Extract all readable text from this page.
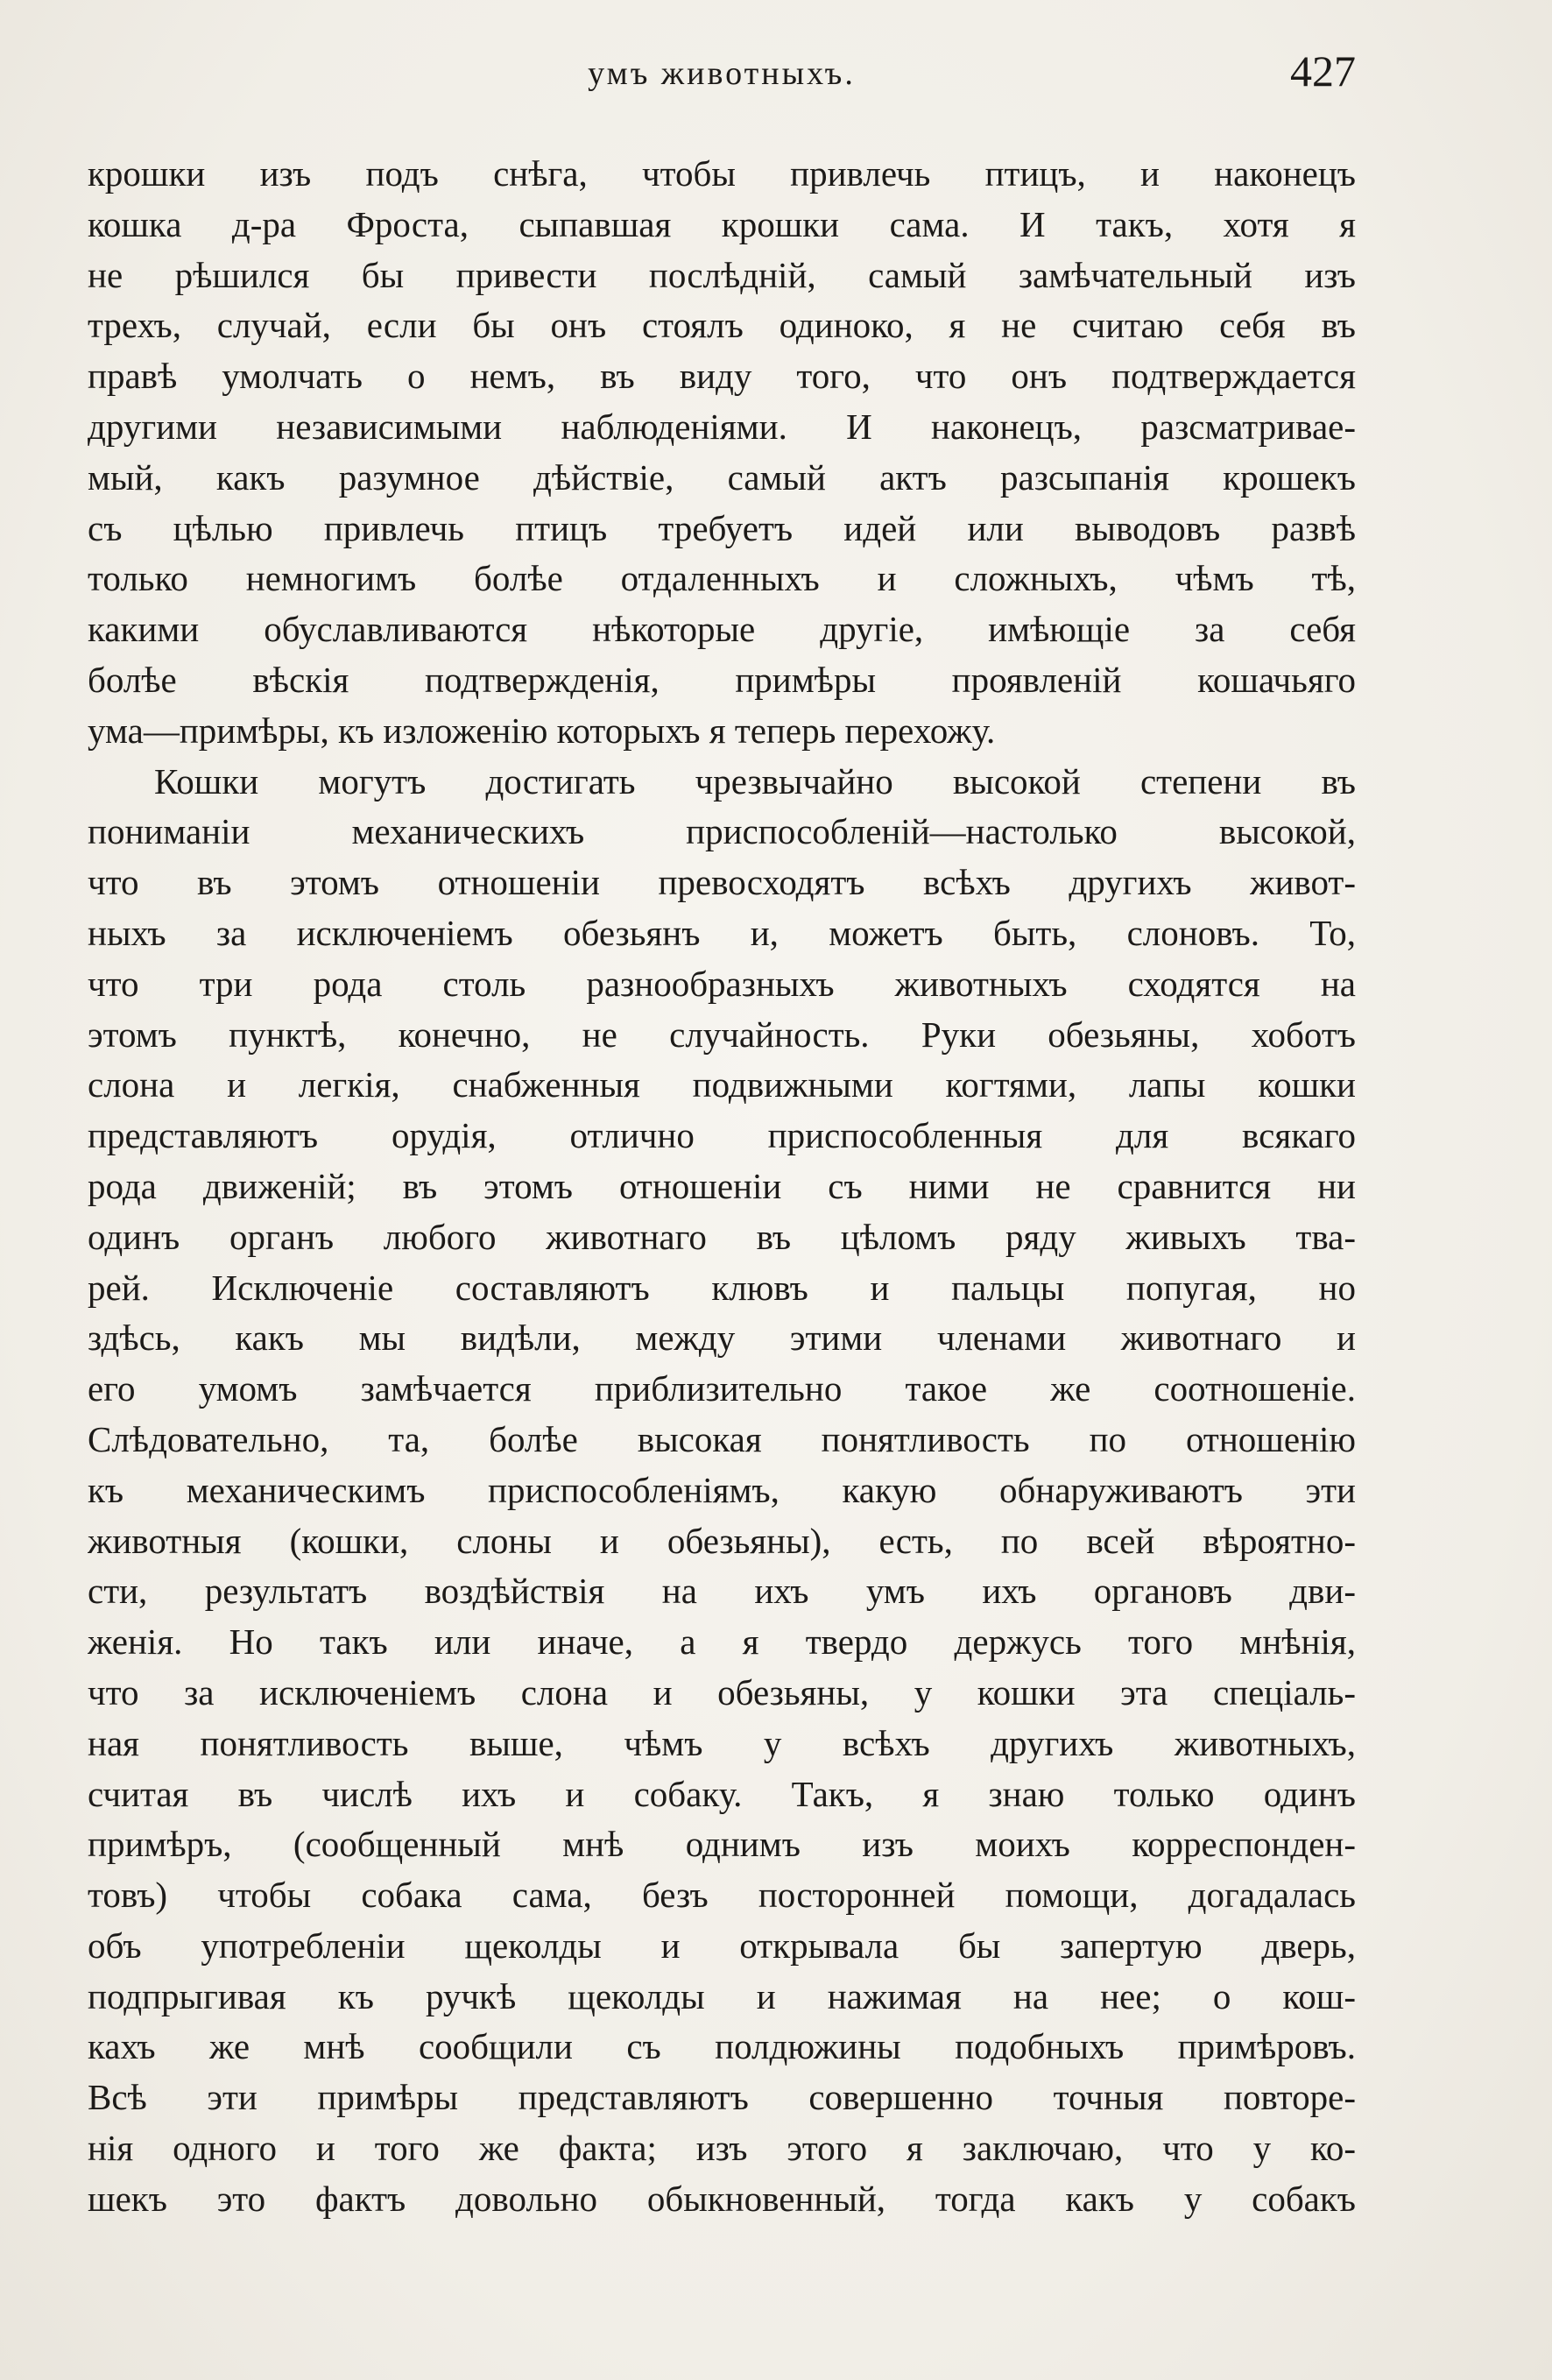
умъ животныхъ.	427
крошки изъ подъ снѣга, чтобы привлечь птицъ, и наконецъ
кошка д-ра Фроста, сыпавшая крошки сама. И такъ, хотя я
не рѣшился бы привести послѣдній, самый замѣчательный изъ
трехъ, случай, если бы онъ стоялъ одиноко, я не считаю себя въ
правѣ умолчать о немъ, въ виду того, что онъ подтверждается
другими независимыми наблюденіями. И наконецъ, разсматривае-
мый, какъ разумное дѣйствіе, самый актъ разсыпанія крошекъ
съ цѣлью привлечь птицъ требуетъ идей или выводовъ развѣ
только немногимъ болѣе отдаленныхъ и сложныхъ, чѣмъ тѣ,
какими обуславливаются нѣкоторые другіе, имѣющіе за себя
болѣе вѣскія подтвержденія, примѣры проявленій кошачьяго
ума—примѣры, къ изложенію которыхъ я теперь перехожу.
Кошки могутъ достигать чрезвычайно высокой степени въ
пониманіи механическихъ приспособленій—настолько высокой,
что въ этомъ отношеніи превосходятъ всѣхъ другихъ живот-
ныхъ за исключеніемъ обезьянъ и, можетъ быть, слоновъ. То,
что три рода столь разнообразныхъ животныхъ сходятся на
этомъ пунктѣ, конечно, не случайность. Руки обезьяны, хоботъ
слона и легкія, снабженныя подвижными когтями, лапы кошки
представляютъ орудія, отлично приспособленныя для всякаго
рода движеній; въ этомъ отношеніи съ ними не сравнится ни
одинъ органъ любого животнаго въ цѣломъ ряду живыхъ тва-
рей. Исключеніе составляютъ клювъ и пальцы попугая, но
здѣсь, какъ мы видѣли, между этими членами животнаго и
его умомъ замѣчается приблизительно такое же соотношеніе.
Слѣдовательно, та, болѣе высокая понятливость по отношенію
къ механическимъ приспособленіямъ, какую обнаруживаютъ эти
животныя (кошки, слоны и обезьяны), есть, по всей вѣроятно-
сти, результатъ воздѣйствія на ихъ умъ ихъ органовъ дви-
женія. Но такъ или иначе, а я твердо держусь того мнѣнія,
что за исключеніемъ слона и обезьяны, у кошки эта спеціаль-
ная понятливость выше, чѣмъ у всѣхъ другихъ животныхъ,
считая въ числѣ ихъ и собаку. Такъ, я знаю только одинъ
примѣръ, (сообщенный мнѣ однимъ изъ моихъ корреспонден-
товъ) чтобы собака сама, безъ посторонней помощи, догадалась
объ употребленіи щеколды и открывала бы запертую дверь,
подпрыгивая къ ручкѣ щеколды и нажимая на нее; о кош-
кахъ же мнѣ сообщили съ полдюжины подобныхъ примѣровъ.
Всѣ эти примѣры представляютъ совершенно точныя повторе-
нія одного и того же факта; изъ этого я заключаю, что у ко-
шекъ это фактъ довольно обыкновенный, тогда какъ у собакъ
